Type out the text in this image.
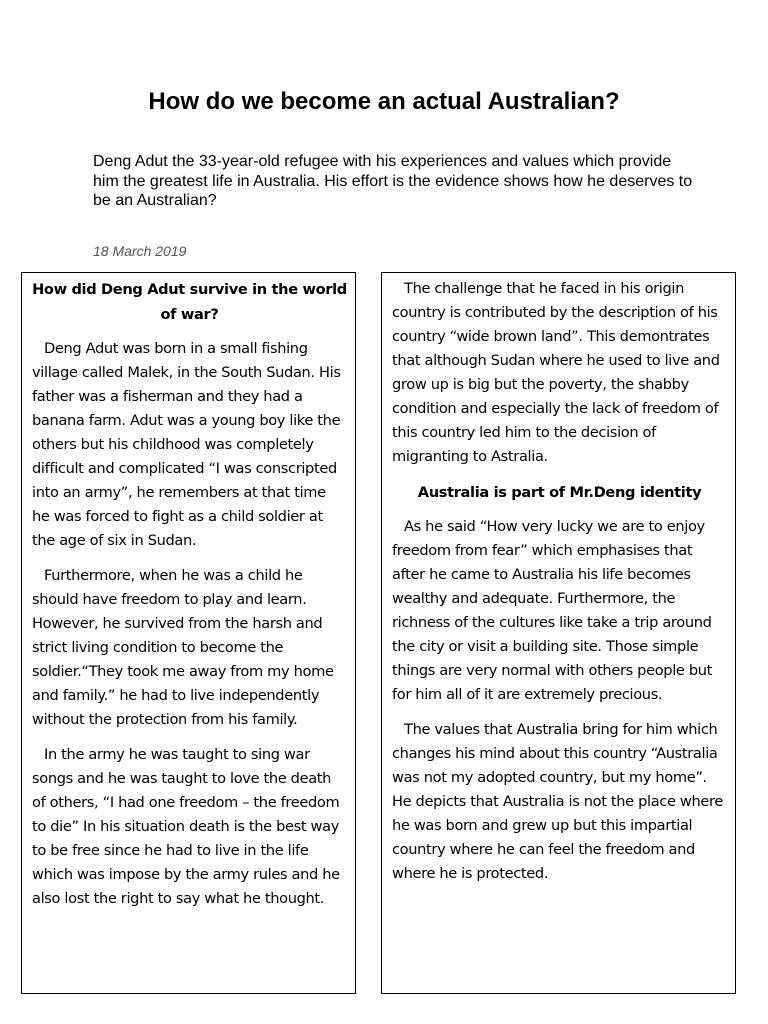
How do we become an actual Australian?

Deng Adut the 33-year-old refugee with his experiences and values which provide him the greatest life in Australia. His effort is the evidence shows how he deserves to be an Australian?

18 March 2019

How did Deng Adut survive in the world of war?

Deng Adut was born in a small fishing village called Malek, in the South Sudan. His father was a fisherman and they had a banana farm. Adut was a young boy like the others but his childhood was completely difficult and complicated “I was conscripted into an army”, he remembers at that time he was forced to fight as a child soldier at the age of six in Sudan.

Furthermore, when he was a child he should have freedom to play and learn. However, he survived from the harsh and strict living condition to become the soldier.“They took me away from my home and family.” he had to live independently without the protection from his family.

In the army he was taught to sing war songs and he was taught to love the death of others, “I had one freedom – the freedom to die” In his situation death is the best way to be free since he had to live in the life which was impose by the army rules and he also lost the right to say what he thought.

The challenge that he faced in his origin country is contributed by the description of his country “wide brown land”. This demontrates that although Sudan where he used to live and grow up is big but the poverty, the shabby condition and especially the lack of freedom of this country led him to the decision of migranting to Astralia.

Australia is part of Mr.Deng identity

As he said “How very lucky we are to enjoy freedom from fear” which emphasises that after he came to Australia his life becomes wealthy and adequate. Furthermore, the richness of the cultures like take a trip around the city or visit a building site. Those simple things are very normal with others people but for him all of it are extremely precious.

The values that Australia bring for him which changes his mind about this country “Australia was not my adopted country, but my home”. He depicts that Australia is not the place where he was born and grew up but this impartial country where he can feel the freedom and where he is protected.
